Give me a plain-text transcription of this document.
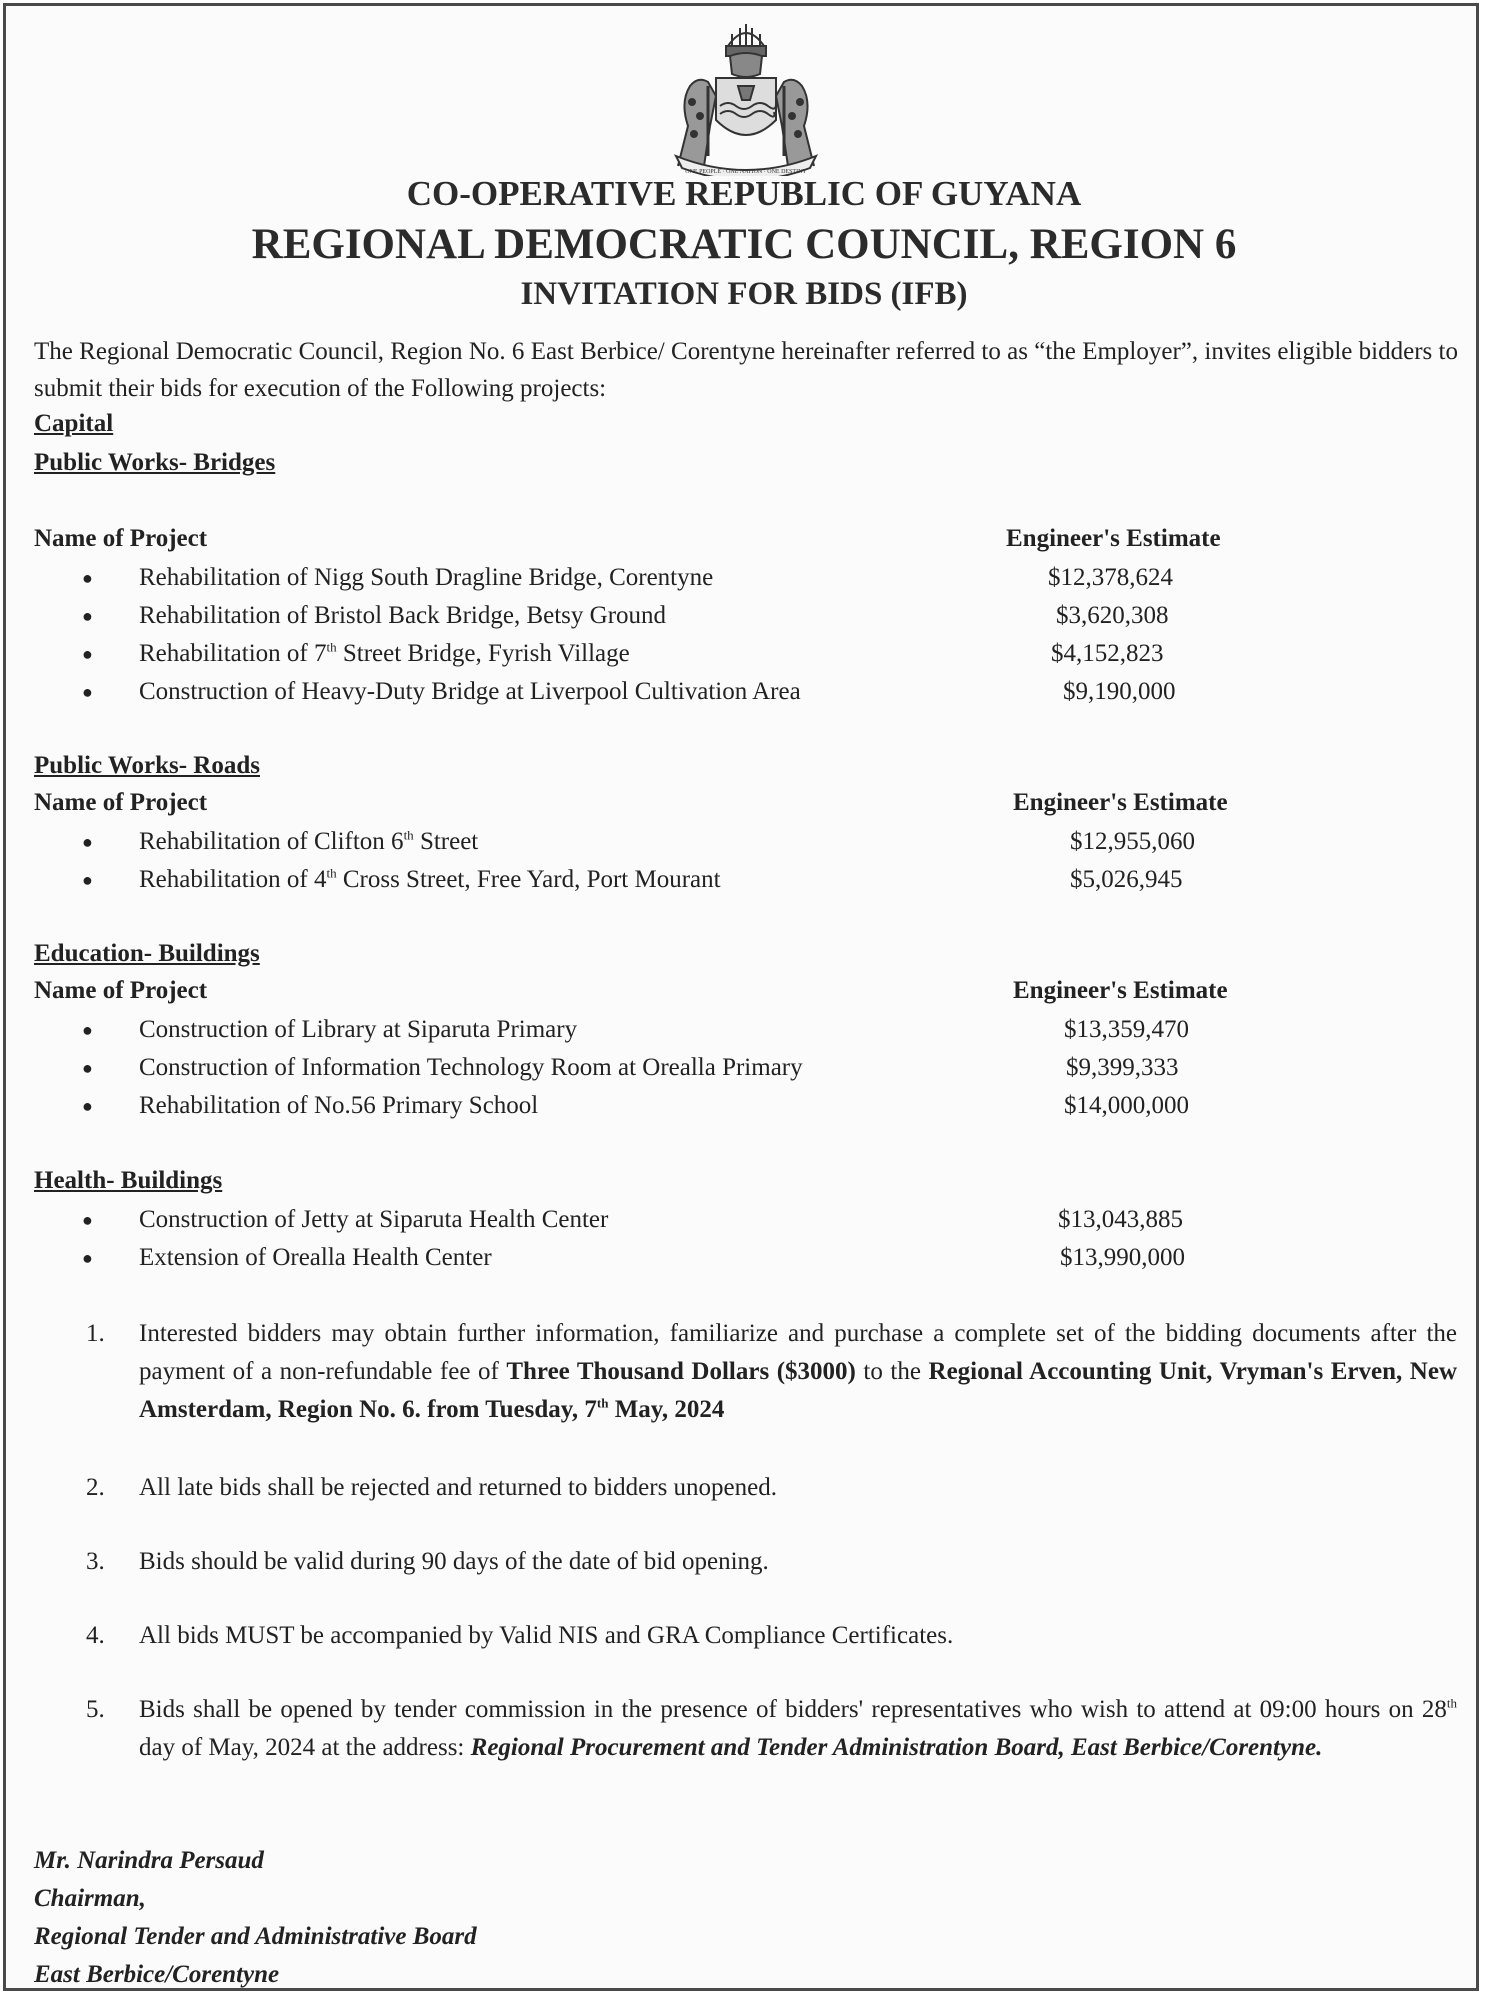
ONE PEOPLE · ONE NATION · ONE DESTINY
CO-OPERATIVE REPUBLIC OF GUYANA
REGIONAL DEMOCRATIC COUNCIL, REGION 6
INVITATION FOR BIDS (IFB)
The Regional Democratic Council, Region No. 6 East Berbice/ Corentyne hereinafter referred to as “the Employer”, invites eligible bidders to submit their bids for execution of the Following projects:
Capital
Public Works- Bridges
Name of Project	Engineer's Estimate
● Rehabilitation of Nigg South Dragline Bridge, Corentyne	$12,378,624
● Rehabilitation of Bristol Back Bridge, Betsy Ground	$3,620,308
● Rehabilitation of 7th Street Bridge, Fyrish Village	$4,152,823
● Construction of Heavy-Duty Bridge at Liverpool Cultivation Area	$9,190,000
Public Works- Roads
Name of Project	Engineer's Estimate
● Rehabilitation of Clifton 6th Street	$12,955,060
● Rehabilitation of 4th Cross Street, Free Yard, Port Mourant	$5,026,945
Education- Buildings
Name of Project	Engineer's Estimate
● Construction of Library at Siparuta Primary	$13,359,470
● Construction of Information Technology Room at Orealla Primary	$9,399,333
● Rehabilitation of No.56 Primary School	$14,000,000
Health- Buildings
● Construction of Jetty at Siparuta Health Center	$13,043,885
● Extension of Orealla Health Center	$13,990,000
1. Interested bidders may obtain further information, familiarize and purchase a complete set of the bidding documents after the payment of a non-refundable fee of Three Thousand Dollars ($3000) to the Regional Accounting Unit, Vryman's Erven, New Amsterdam, Region No. 6. from Tuesday, 7th May, 2024
2. All late bids shall be rejected and returned to bidders unopened.
3. Bids should be valid during 90 days of the date of bid opening.
4. All bids MUST be accompanied by Valid NIS and GRA Compliance Certificates.
5. Bids shall be opened by tender commission in the presence of bidders' representatives who wish to attend at 09:00 hours on 28th day of May, 2024 at the address: Regional Procurement and Tender Administration Board, East Berbice/Corentyne.
Mr. Narindra Persaud
Chairman,
Regional Tender and Administrative Board
East Berbice/Corentyne
